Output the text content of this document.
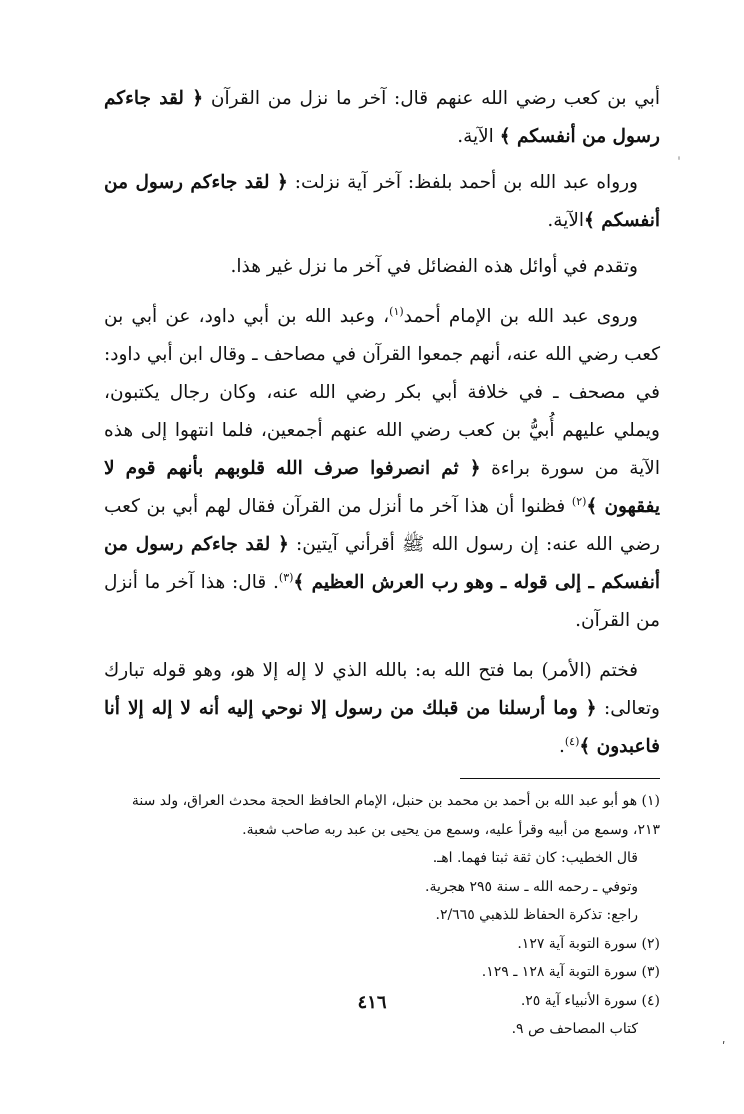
أبي بن كعب رضي الله عنهم قال: آخر ما نزل من القرآن ﴿ لقد جاءكم رسول من أنفسكم ﴾ الآية.

ورواه عبد الله بن أحمد بلفظ: آخر آية نزلت: ﴿ لقد جاءكم رسول من أنفسكم ﴾الآية.

وتقدم في أوائل هذه الفضائل في آخر ما نزل غير هذا.

وروى عبد الله بن الإمام أحمد$^{(١)}$، وعبد الله بن أبي داود، عن أبي بن كعب رضي الله عنه، أنهم جمعوا القرآن في مصاحف ـ وقال ابن أبي داود: في مصحف ـ في خلافة أبي بكر رضي الله عنه، وكان رجال يكتبون، ويملي عليهم أُبيُّ بن كعب رضي الله عنهم أجمعين، فلما انتهوا إلى هذه الآية من سورة براءة ﴿ ثم انصرفوا صرف الله قلوبهم بأنهم قوم لا يفقهون ﴾$^{(٢)}$ فظنوا أن هذا آخر ما أنزل من القرآن فقال لهم أبي بن كعب رضي الله عنه: إن رسول الله ﷺ أقرأني آيتين: ﴿ لقد جاءكم رسول من أنفسكم ـ إلى قوله ـ وهو رب العرش العظيم ﴾$^{(٣)}$. قال: هذا آخر ما أنزل من القرآن.

فختم (الأمر) بما فتح الله به: بالله الذي لا إله إلا هو، وهو قوله تبارك وتعالى: ﴿ وما أرسلنا من قبلك من رسول إلا نوحي إليه أنه لا إله إلا أنا فاعبدون ﴾$^{(٤)}$.

(١) هو أبو عبد الله بن أحمد بن محمد بن حنبل، الإمام الحافظ الحجة محدث العراق، ولد سنة ٢١٣، وسمع من أبيه وقرأ عليه، وسمع من يحيى بن عبد ربه صاحب شعبة.
قال الخطيب: كان ثقة ثبتا فهما. اهـ.
وتوفي ـ رحمه الله ـ سنة ٢٩٥ هجرية.
راجع: تذكرة الحفاظ للذهبي ٢/٦٦٥.
(٢) سورة التوبة آية ١٢٧.
(٣) سورة التوبة آية ١٢٨ ـ ١٢٩.
(٤) سورة الأنبياء آية ٢٥.
كتاب المصاحف ص ٩.
٤١٦
ʹ
